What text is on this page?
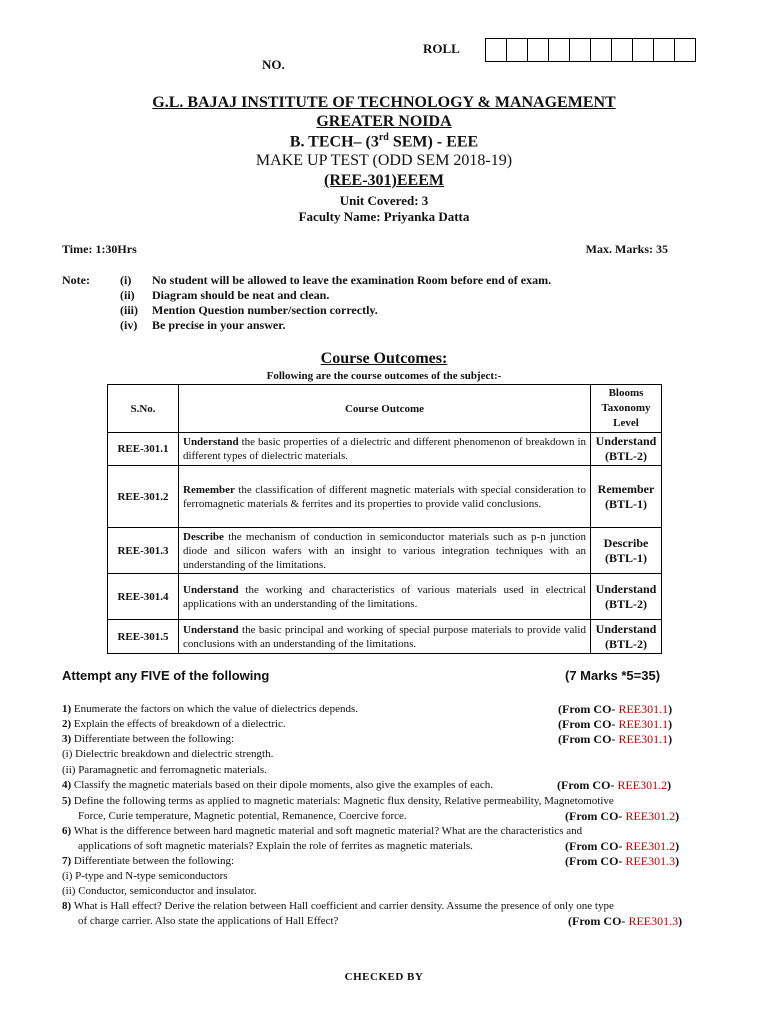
ROLL
NO.
G.L. BAJAJ INSTITUTE OF TECHNOLOGY & MANAGEMENT
GREATER NOIDA
B. TECH– (3rd SEM) - EEE
MAKE UP TEST (ODD SEM 2018-19)
(REE-301)EEEM
Unit Covered: 3
Faculty Name: Priyanka Datta
Time: 1:30Hrs	Max. Marks: 35
Note:	(i)	No student will be allowed to leave the examination Room before end of exam.
(ii)	Diagram should be neat and clean.
(iii)	Mention Question number/section correctly.
(iv)	Be precise in your answer.
Course Outcomes:
Following are the course outcomes of the subject:-
S.No.	Course Outcome	Blooms
Taxonomy
Level
REE-301.1	Understand the basic properties of a dielectric and different phenomenon of breakdown in different types of dielectric materials.	Understand
(BTL-2)
REE-301.2	Remember the classification of different magnetic materials with special consideration to ferromagnetic materials & ferrites and its properties to provide valid conclusions.	Remember
(BTL-1)
REE-301.3	Describe the mechanism of conduction in semiconductor materials such as p-n junction diode and silicon wafers with an insight to various integration techniques with an understanding of the limitations.	Describe
(BTL-1)
REE-301.4	Understand the working and characteristics of various materials used in electrical applications with an understanding of the limitations.	Understand
(BTL-2)
REE-301.5	Understand the basic principal and working of special purpose materials to provide valid conclusions with an understanding of the limitations.	Understand
(BTL-2)
Attempt any FIVE of the following	(7 Marks *5=35)
1) Enumerate the factors on which the value of dielectrics depends.	(From CO- REE301.1)
2) Explain the effects of breakdown of a dielectric.	(From CO- REE301.1)
3) Differentiate between the following:	(From CO- REE301.1)
(i) Dielectric breakdown and dielectric strength.
(ii) Paramagnetic and ferromagnetic materials.
4) Classify the magnetic materials based on their dipole moments, also give the examples of each.	(From CO- REE301.2)
5) Define the following terms as applied to magnetic materials: Magnetic flux density, Relative permeability, Magnetomotive
Force, Curie temperature, Magnetic potential, Remanence, Coercive force.	(From CO- REE301.2)
6) What is the difference between hard magnetic material and soft magnetic material? What are the characteristics and
applications of soft magnetic materials? Explain the role of ferrites as magnetic materials.	(From CO- REE301.2)
7) Differentiate between the following:	(From CO- REE301.3)
(i) P-type and N-type semiconductors
(ii) Conductor, semiconductor and insulator.
8) What is Hall effect? Derive the relation between Hall coefficient and carrier density. Assume the presence of only one type
of charge carrier. Also state the applications of Hall Effect?	(From CO- REE301.3)
CHECKED BY
